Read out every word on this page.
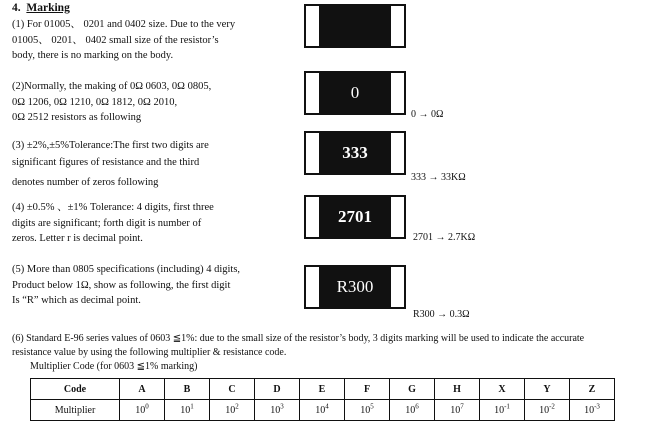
4. Marking
(1) For 01005、 0201 and 0402 size. Due to the very
01005、 0201、 0402 small size of the resistor’s
body, there is no marking on the body.
(2)Normally, the making of 0Ω 0603, 0Ω 0805,
0Ω 1206, 0Ω 1210, 0Ω 1812, 0Ω 2010,
0Ω 2512 resistors as following
(3) ±2%,±5%Tolerance:The first two digits are
significant figures of resistance and the third
denotes number of zeros following
(4) ±0.5% 、±1% Tolerance: 4 digits, first three
digits are significant; forth digit is number of
zeros. Letter r is decimal point.
(5) More than 0805 specifications (including) 4 digits,
Product below 1Ω, show as following, the first digit
Is “R” which as decimal point.
0
333
2701
R300
0 → 0Ω
333 → 33KΩ
2701 → 2.7KΩ
R300 → 0.3Ω
(6) Standard E-96 series values of 0603 ≦1%: due to the small size of the resistor’s body, 3 digits marking will be used to indicate the accurate
resistance value by using the following multiplier & resistance code.
Multiplier Code (for 0603 ≦1% marking)
Code	A	B	C	D	E	F	G	H	X	Y	Z
Multiplier	$10^0$	$10^1$	$10^2$	$10^3$	$10^4$	$10^5$	$10^6$	$10^7$	$10^{-1}$	$10^{-2}$	$10^{-3}$
